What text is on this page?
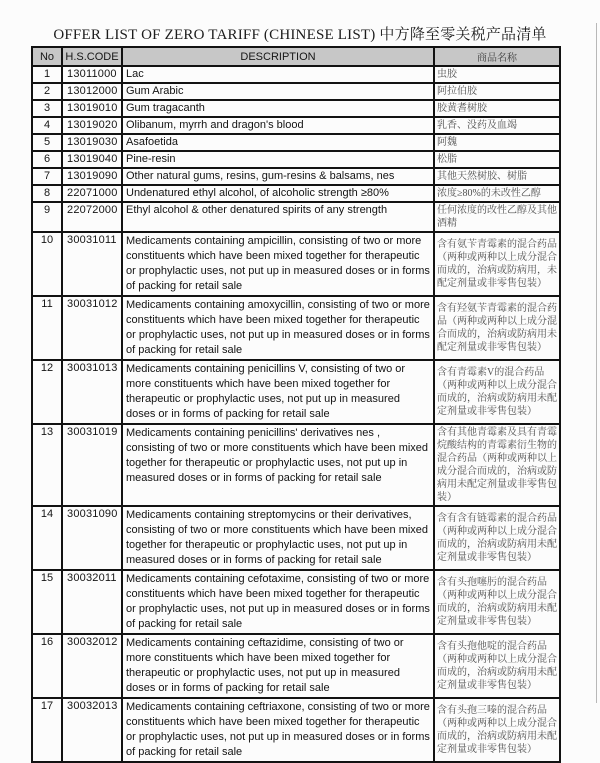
OFFER LIST OF ZERO TARIFF (CHINESE LIST) 中方降至零关税产品清单
No	H.S.CODE	DESCRIPTION	商品名称
1	13011000	Lac	虫胶
2	13012000	Gum Arabic	阿拉伯胶
3	13019010	Gum tragacanth	胶黄耆树胶
4	13019020	Olibanum, myrrh and dragon's blood	乳香、没药及血竭
5	13019030	Asafoetida	阿魏
6	13019040	Pine-resin	松脂
7	13019090	Other natural gums, resins, gum-resins & balsams, nes	其他天然树胶、树脂
8	22071000	Undenatured ethyl alcohol, of alcoholic strength ≥80%	浓度≥80%的未改性乙醇
9	22072000	Ethyl alcohol & other denatured spirits of any strength	任何浓度的改性乙醇及其他酒精
10	30031011	Medicaments containing ampicillin, consisting of two or more constituents which have been mixed together for therapeutic or prophylactic uses, not put up in measured doses or in forms of packing for retail sale	含有氨苄青霉素的混合药品（两种或两种以上成分混合而成的，治病或防病用，未配定剂量或非零售包装）
11	30031012	Medicaments containing amoxycillin, consisting of two or more constituents which have been mixed together for therapeutic or prophylactic uses, not put up in measured doses or in forms of packing for retail sale	含有羟氨苄青霉素的混合药品（两种或两种以上成分混合而成的，治病或防病用未配定剂量或非零售包装）
12	30031013	Medicaments containing penicillins V, consisting of two or more constituents which have been mixed together for therapeutic or prophylactic uses, not put up in measured doses or in forms of packing for retail sale	含有青霉素V的混合药品（两种或两种以上成分混合而成的，治病或防病用未配定剂量或非零售包装）
13	30031019	Medicaments containing penicillins' derivatives nes , consisting of two or more constituents which have been mixed together for therapeutic or prophylactic uses, not put up in measured doses or in forms of packing for retail sale	含有其他青霉素及具有青霉烷酸结构的青霉素衍生物的混合药品（两种或两种以上成分混合而成的，治病或防病用未配定剂量或非零售包装）
14	30031090	Medicaments containing streptomycins or their derivatives, consisting of two or more constituents which have been mixed together for therapeutic or prophylactic uses, not put up in measured doses or in forms of packing for retail sale	含有含有链霉素的混合药品（两种或两种以上成分混合而成的，治病或防病用未配定剂量或非零售包装）
15	30032011	Medicaments containing cefotaxime, consisting of two or more constituents which have been mixed together for therapeutic or prophylactic uses, not put up in measured doses or in forms of packing for retail sale	含有头孢噻肟的混合药品（两种或两种以上成分混合而成的，治病或防病用未配定剂量或非零售包装）
16	30032012	Medicaments containing ceftazidime, consisting of two or more constituents which have been mixed together for therapeutic or prophylactic uses, not put up in measured doses or in forms of packing for retail sale	含有头孢他啶的混合药品（两种或两种以上成分混合而成的，治病或防病用未配定剂量或非零售包装）
17	30032013	Medicaments containing ceftriaxone, consisting of two or more constituents which have been mixed together for therapeutic or prophylactic uses, not put up in measured doses or in forms of packing for retail sale	含有头孢三嗪的混合药品（两种或两种以上成分混合而成的，治病或防病用未配定剂量或非零售包装）
